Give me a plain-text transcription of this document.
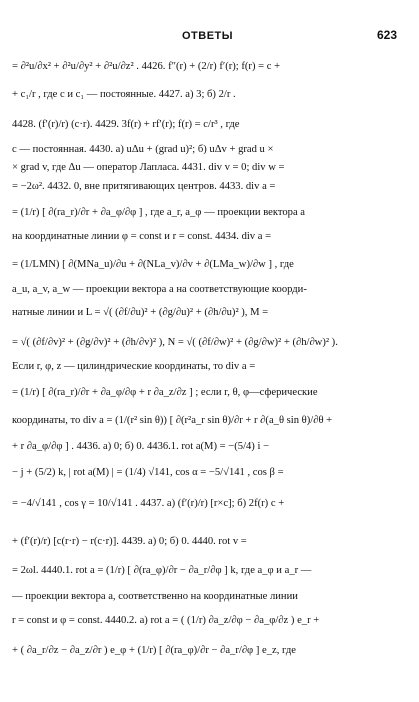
ОТВЕТЫ	623
= ∂²u/∂x² + ∂²u/∂y² + ∂²u/∂z² . 4426. f″(r) + (2/r) f′(r); f(r) = c +
+ c₁/r , где c и c₁ — постоянные. 4427. а) 3; б) 2/r .
4428. (f′(r)/r) (c·r). 4429. 3f(r) + rf′(r); f(r) = c/r³ , где
c — постоянная. 4430. а) uΔu + (grad u)²; б) uΔv + grad u ×
× grad v, где Δu — оператор Лапласа. 4431. div v = 0; div w =
= −2ω². 4432. 0, вне притягивающих центров. 4433. div a =
= (1/r) [ ∂(ra_r)/∂r + ∂a_φ/∂φ ] , где a_r, a_φ — проекции вектора a
на координатные линии φ = const и r = const. 4434. div a =
= (1/LMN) [ ∂(MNa_u)/∂u + ∂(NLa_v)/∂v + ∂(LMa_w)/∂w ] , где
a_u, a_v, a_w — проекции вектора a на соответствующие коорди-
натные линии и L = √( (∂f/∂u)² + (∂g/∂u)² + (∂h/∂u)² ), M =
= √( (∂f/∂v)² + (∂g/∂v)² + (∂h/∂v)² ), N = √( (∂f/∂w)² + (∂g/∂w)² + (∂h/∂w)² ).
Если r, φ, z — цилиндрические координаты, то div a =
= (1/r) [ ∂(ra_r)/∂r + ∂a_φ/∂φ + r ∂a_z/∂z ] ; если r, θ, φ—сферические
координаты, то div a = (1/(r² sin θ)) [ ∂(r²a_r sin θ)/∂r + r ∂(a_θ sin θ)/∂θ +
+ r ∂a_φ/∂φ ] . 4436. а) 0; б) 0. 4436.1. rot a(M) = −(5/4) i −
− j + (5/2) k, | rot a(M) | = (1/4) √141, cos α = −5/√141 , cos β =
= −4/√141 , cos γ = 10/√141 . 4437. а) (f′(r)/r) [r×c]; б) 2f(r) c +
+ (f′(r)/r) [c(r·r) − r(c·r)]. 4439. а) 0; б) 0. 4440. rot v =
= 2ωl. 4440.1. rot a = (1/r) [ ∂(ra_φ)/∂r − ∂a_r/∂φ ] k, где a_φ и a_r —
— проекции вектора a, соответственно на координатные линии
r = const и φ = const. 4440.2. а) rot a = ( (1/r) ∂a_z/∂φ − ∂a_φ/∂z ) e_r +
+ ( ∂a_r/∂z − ∂a_z/∂r ) e_φ + (1/r) [ ∂(ra_φ)/∂r − ∂a_r/∂φ ] e_z, где
